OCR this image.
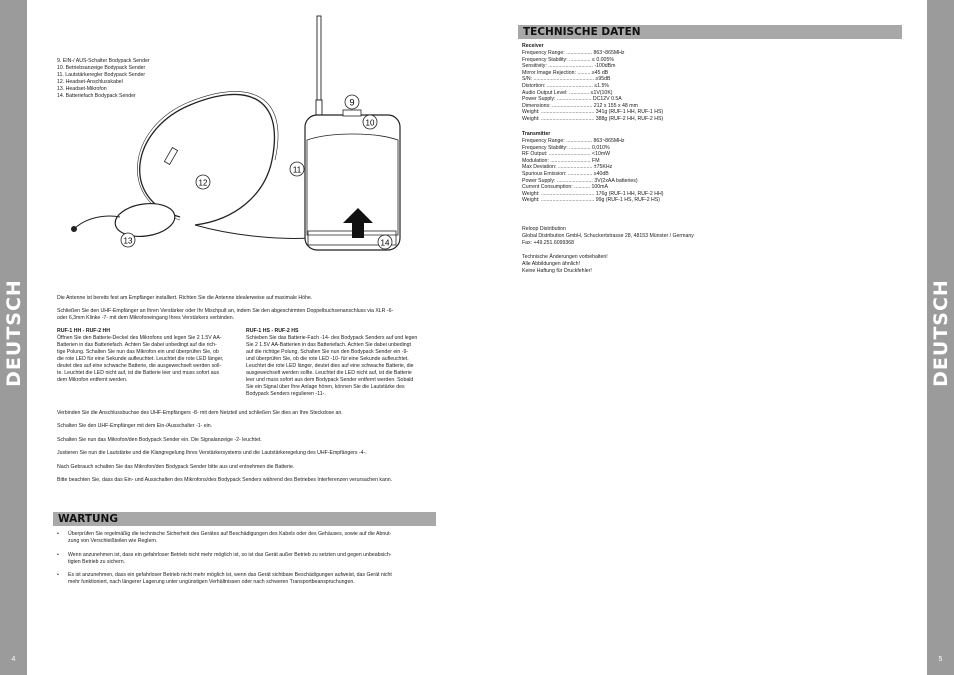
DEUTSCH
4
DEUTSCH
5
9. EIN-/ AUS-Schalter Bodypack Sender
10. Betriebsanzeige Bodypack Sender
11. Lautstärkeregler Bodypack Sender
12. Headset-Anschlusskabel
13. Headset-Mikrofon
14. Batteriefach Bodypack Sender
9
10
11
12
13	14
Die Antenne ist bereits fest am Empfänger installiert. Richten Sie die Antenne idealerweise auf maximale Höhe.
Schließen Sie den UHF-Empfänger an Ihren Verstärker oder Ihr Mischpult an, indem Sie den abgeschirmten Doppelbuchsenanschluss via XLR -6-
oder 6,3mm Klinke -7- mit dem Mikrofoneingang Ihres Verstärkers verbinden.
RUF-1 HH - RUF-2 HH
Öffnen Sie den Batterie-Deckel des Mikrofons und legen Sie 2 1.5V AA-
Batterien in das Batteriefach. Achten Sie dabei unbedingt auf die rich-
tige Polung. Schalten Sie nun das Mikrofon ein und überprüfen Sie, ob
die rote LED für eine Sekunde aufleuchtet. Leuchtet die rote LED länger,
deutet dies auf eine schwache Batterie, die ausgewechselt werden soll-
te. Leuchtet die LED nicht auf, ist die Batterie leer und muss sofort aus
dem Mikrofon entfernt werden.
RUF-1 HS - RUF-2 HS
Schieben Sie das Batterie-Fach -14- des Bodypack Senders auf und legen
Sie 2 1.5V AA-Batterien in das Batteriefach. Achten Sie dabei unbedingt
auf die richtige Polung. Schalten Sie nun den Bodypack Sender ein -9-
und überprüfen Sie, ob die rote LED -10- für eine Sekunde aufleuchtet.
Leuchtet die rote LED länger, deutet dies auf eine schwache Batterie, die
ausgewechselt werden sollte. Leuchtet die LED nicht auf, ist die Batterie
leer und muss sofort aus dem Bodypack Sender entfernt werden. Sobald
Sie ein Signal über Ihre Anlage hören, können Sie die Lautstärke des
Bodypack Senders regulieren -11-.
Verbinden Sie die Anschlussbuchse des UHF-Empfängers -8- mit dem Netzteil und schließen Sie dies an Ihre Steckdose an.
Schalten Sie den UHF-Empfänger mit dem Ein-/Ausschalter -1- ein.
Schalten Sie nun das Mikrofon/den Bodypack Sender ein. Die Signalanzeige -2- leuchtet.
Justieren Sie nun die Lautstärke und die Klangregelung Ihres Verstärkersystems und die Lautstärkeregelung des UHF-Empfängers -4-.
Nach Gebrauch schalten Sie das Mikrofon/den Bodypack Sender bitte aus und entnehmen die Batterie.
Bitte beachten Sie, dass das Ein- und Ausschalten des Mikrofons/des Bodypack Senders während des Betriebes Interferenzen verursachen kann.
WARTUNG
• Überprüfen Sie regelmäßig die technische Sicherheit des Gerätes auf Beschädigungen des Kabels oder des Gehäuses, sowie auf die Abnut-
zung von Verschleißteilen wie Reglern.
• Wenn anzunehmen ist, dass ein gefahrloser Betrieb nicht mehr möglich ist, so ist das Gerät außer Betrieb zu setzten und gegen unbeabsich-
tigten Betrieb zu sichern.
• Es ist anzunehmen, dass ein gefahrloser Betrieb nicht mehr möglich ist, wenn das Gerät sichtbare Beschädigungen aufweist, das Gerät nicht
mehr funktioniert, nach längerer Lagerung unter ungünstigen Verhältnissen oder nach schweren Transportbeanspruchungen.
TECHNISCHE DATEN
Receiver
Frequency Range: .................. 863~865MHz
Frequency Stability: ............... ≤ 0.005%
Sensitivity: ............................... -100dBm
Mirror Image Rejection: ......... ≥45 dB
S/N: .......................................... ≥95dB
Distortion: ................................ ≤1.5%
Audio Output Level: .............. ≤1V(10K)
Power Supply: ........................ DC12V 0.5A
Dimensions: ............................ 212 x 155 x 48 mm
Weight: ..................................... 341g (RUF-1 HH, RUF-1 HS)
Weight: ..................................... 388g (RUF-2 HH, RUF-2 HS)
Transmitter
Frequency Range: .................. 863~865MHz
Frequency Stability: ............... 0,010%
RF Output: ............................. <10mW
Modulation: ............................ FM
Max Deviation: ........................ ±75KHz
Spurious Emission: ................. ≥40dB
Power Supply: ......................... 3V(2xAA batteries)
Current Consumption: ........... 100mA
Weight: ..................................... 176g (RUF-1 HH, RUF-2 HH)
Weight: ..................................... 99g (RUF-1 HS, RUF-2 HS)
Reloop Distribution
Global Distribution GmbH, Schuckertstrasse 28, 48153 Münster / Germany
Fax: +49.251.6099368
Technische Änderungen vorbehalten!
Alle Abbildungen ähnlich!
Keine Haftung für Druckfehler!
